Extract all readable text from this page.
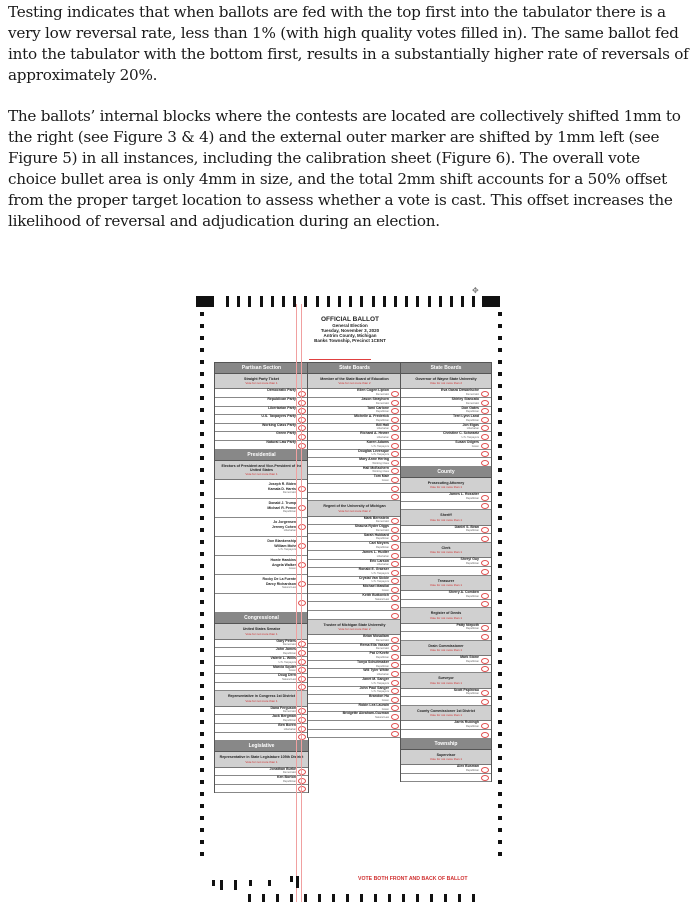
Testing indicates that when ballots are fed with the top first into the tabulator there is a very low reversal rate, less than 1% (with high quality votes filled in). The same ballot fed into the tabulator with the bottom first, results in a substantially higher rate of reversals of approximately 20%.

The ballots’ internal blocks where the contests are located are collectively shifted 1mm to the right (see Figure 3 & 4) and the external outer marker are shifted by 1mm left (see Figure 5) in all instances, including the calibration sheet (Figure 6). The overall vote choice bullet area is only 4mm in size, and the total 2mm shift accounts for a 50% offset from the proper target location to assess whether a vote is cast. This offset increases the likelihood of reversal and adjudication during an election.

✥
OFFICIAL BALLOT
General Election
Tuesday, November 3, 2020
Antrim County, Michigan
Banks Township, Precinct 1CENT
Partisan Section
Straight Party Ticket
Vote for not more than 1
Democratic Party
Republican Party
Libertarian Party
U.S. Taxpayers Party
Working Class Party
Green Party
Natural Law Party
Presidential
Electors of President and Vice-President of the United States
Vote for not more than 1
Joseph R. Biden
Kamala D. Harris
Democratic
Donald J. Trump
Michael R. Pence
Republican
Jo Jorgensen
Jeremy Cohen
Libertarian
Don Blankenship
William Mohr
U.S. Taxpayers
Howie Hawkins
Angela Walker
Green
Rocky De La Fuente
Darcy Richardson
Natural Law
Congressional
United States Senator
Vote for not more than 1
Gary Peters
Democratic
John James
Republican
Valerie L. Willis
U.S. Taxpayers
Marcia Squier
Green
Doug Dern
Natural Law
Representative in Congress 1st District
Vote for not more than 1
Dana Ferguson
Democratic
Jack Bergman
Republican
Ben Boren
Libertarian
Legislative
Representative in State Legislature 105th District
Vote for not more than 1
Jonathan Burke
Democratic
Ken Borton
Republican
State Boards
Member of the State Board of Education
Vote for not more than 2
Ellen Cogen Lipton
Democratic
Jason Strayhorn
Democratic
Tami Carlone
Republican
Michelle A. Frederick
Republican
Bill Hall
Libertarian
Richard A. Hewer
Libertarian
Karen Adams
U.S. Taxpayers
Douglas Levesque
U.S. Taxpayers
Mary Anne Hering
Working Class
Hali McEachern
Working Class
Tom Mair
Green
Regent of the University of Michigan
Vote for not more than 2
Mark Bernstein
Democratic
Shauna Ryder Diggs
Democratic
Sarah Hubbard
Republican
Carl Meyers
Republican
James L. Hudler
Libertarian
Eric Larson
Libertarian
Ronald E. Graeser
U.S. Taxpayers
Crystal Van Sickle
U.S. Taxpayers
Michael Mawilai
Green
Keith Butkovich
Natural Law
Trustee of Michigan State University
Vote for not more than 2
Brian Mosallam
Democratic
Rema Ella Vassar
Democratic
Pat O'Keefe
Republican
Tonya Schuitmaker
Republican
Will Tyler White
Libertarian
Janet M. Sanger
U.S. Taxpayers
John Paul Sanger
U.S. Taxpayers
Brandon Hu
Green
Robin Lea Laurain
Green
Bridgette Abraham-Guzman
Natural Law
State Boards
Governor of Wayne State University
Vote for not more than 2
Eva Garza Dewaelsche
Democratic
Shirley Stancato
Democratic
Don Gates
Republican
Terri Lynn Land
Republican
Jon Elgas
Libertarian
Christine C. Schwartz
U.S. Taxpayers
Susan Odgers
Green
County
Prosecuting Attorney
Vote for not more than 1
James L. Rossiter
Republican
Sheriff
Vote for not more than 1
Daniel S. Bean
Republican
Clerk
Vote for not more than 1
Sheryl Guy
Republican
Treasurer
Vote for not more than 1
Sherry A. Comben
Republican
Register of Deeds
Vote for not more than 1
Patty Niepoth
Republican
Drain Commissioner
Vote for not more than 1
Mark Stone
Republican
Surveyor
Vote for not more than 1
Scott Papineau
Republican
County Commissioner 1st District
Vote for not more than 1
Jarris Rubingh
Republican
Township
Supervisor
Vote for not more than 1
Alex Busman
Republican
VOTE BOTH FRONT AND BACK OF BALLOT
